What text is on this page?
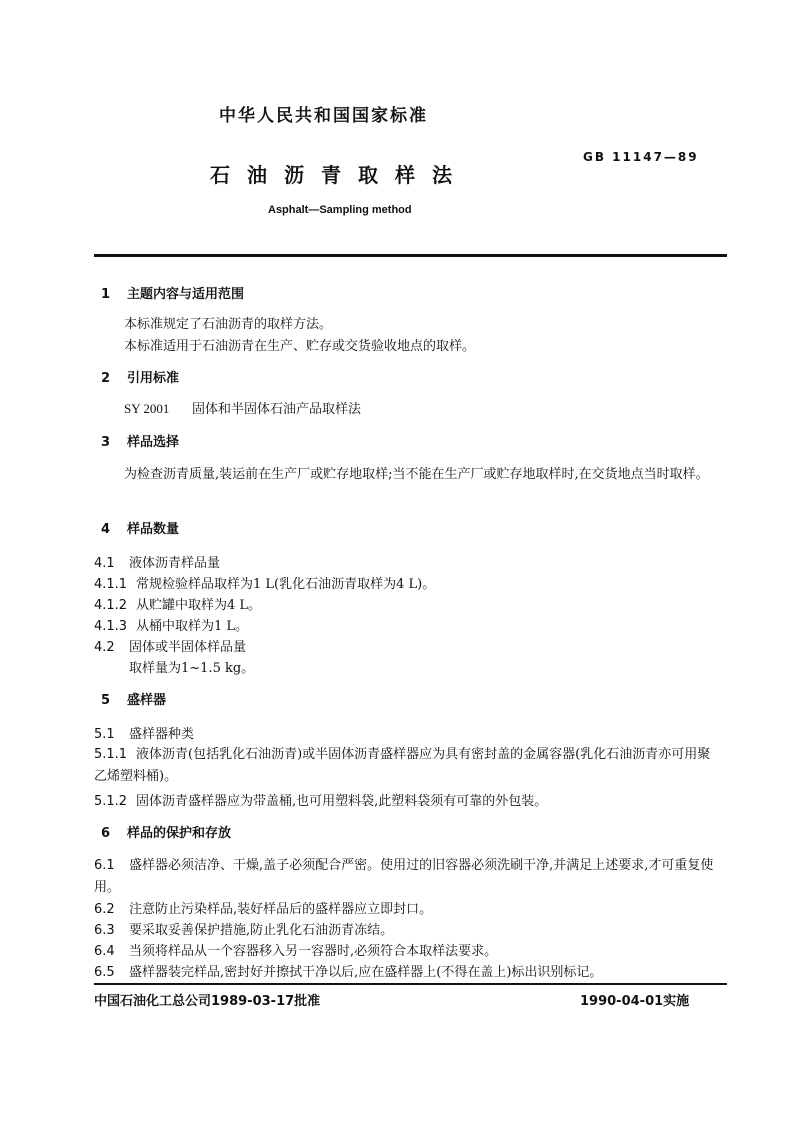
中华人民共和国国家标准
GB 11147—89
石油沥青取样法
Asphalt—Sampling method
1 主题内容与适用范围
本标准规定了石油沥青的取样方法。
本标准适用于石油沥青在生产、贮存或交货验收地点的取样。
2 引用标准
SY 2001 固体和半固体石油产品取样法
3 样品选择
为检查沥青质量,装运前在生产厂或贮存地取样;当不能在生产厂或贮存地取样时,在交货地点当时取样。
4 样品数量
4.1 液体沥青样品量
4.1.1 常规检验样品取样为1 L(乳化石油沥青取样为4 L)。
4.1.2 从贮罐中取样为4 L。
4.1.3 从桶中取样为1 L。
4.2 固体或半固体样品量
取样量为1~1.5 kg。
5 盛样器
5.1 盛样器种类
5.1.1 液体沥青(包括乳化石油沥青)或半固体沥青盛样器应为具有密封盖的金属容器(乳化石油沥青亦可用聚乙烯塑料桶)。
5.1.2 固体沥青盛样器应为带盖桶,也可用塑料袋,此塑料袋须有可靠的外包装。
6 样品的保护和存放
6.1 盛样器必须洁净、干燥,盖子必须配合严密。使用过的旧容器必须洗刷干净,并满足上述要求,才可重复使用。
6.2 注意防止污染样品,装好样品后的盛样器应立即封口。
6.3 要采取妥善保护措施,防止乳化石油沥青冻结。
6.4 当须将样品从一个容器移入另一容器时,必须符合本取样法要求。
6.5 盛样器装完样品,密封好并擦拭干净以后,应在盛样器上(不得在盖上)标出识别标记。
中国石油化工总公司1989-03-17批准	1990-04-01实施
